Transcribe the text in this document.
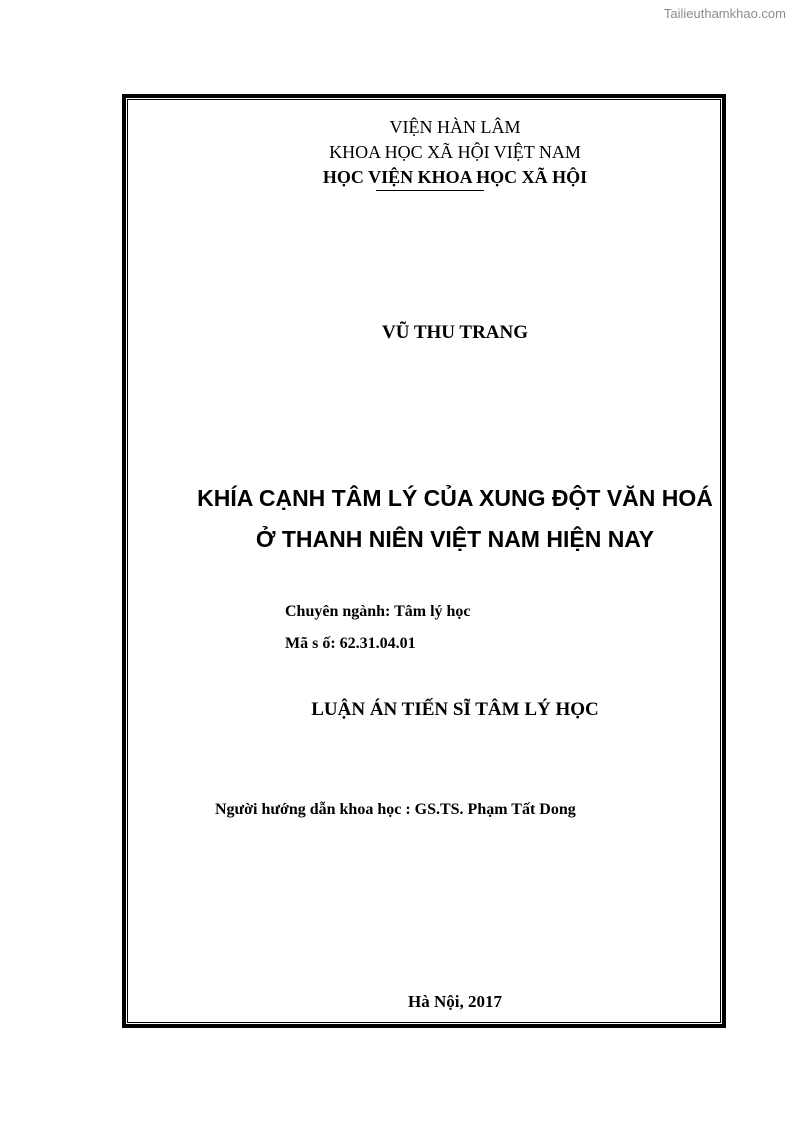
Tailieuthamkhao.com
VIỆN HÀN LÂM
KHOA HỌC XÃ HỘI VIỆT NAM
HỌC VIỆN KHOA HỌC XÃ HỘI
VŨ THU TRANG
KHÍA CẠNH TÂM LÝ CỦA XUNG ĐỘT VĂN HOÁ
Ở THANH NIÊN VIỆT NAM HIỆN NAY
Chuyên ngành: Tâm lý học
Mã s ố: 62.31.04.01
LUẬN ÁN TIẾN SĨ TÂM LÝ HỌC
Người hướng dẫn khoa học : GS.TS. Phạm Tất Dong
Hà Nội, 2017
